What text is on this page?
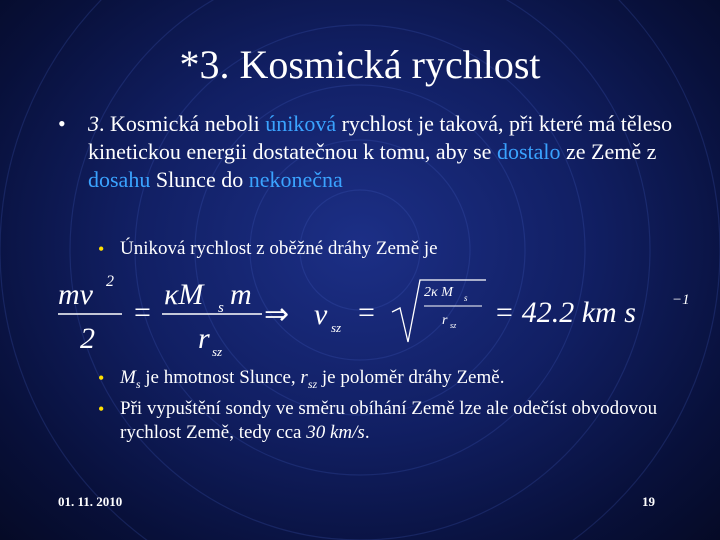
*3. Kosmická rychlost
• 3. Kosmická neboli úniková rychlost je taková, při které má těleso kinetickou energii dostatečnou k tomu, aby se dostalo ze Země z dosahu Slunce do nekonečna
• Úniková rychlost z oběžné dráhy Země je
mv 2
2
=
κM s m
r sz
⇒ v sz =
2κ M s
r sz = 42.2 km s −1
• $M_s$ je hmotnost Slunce, $r_{sz}$ je poloměr dráhy Země.
• Při vypuštění sondy ve směru obíhání Země lze ale odečíst obvodovou rychlost Země, tedy cca 30 km/s.
01. 11. 2010	19
